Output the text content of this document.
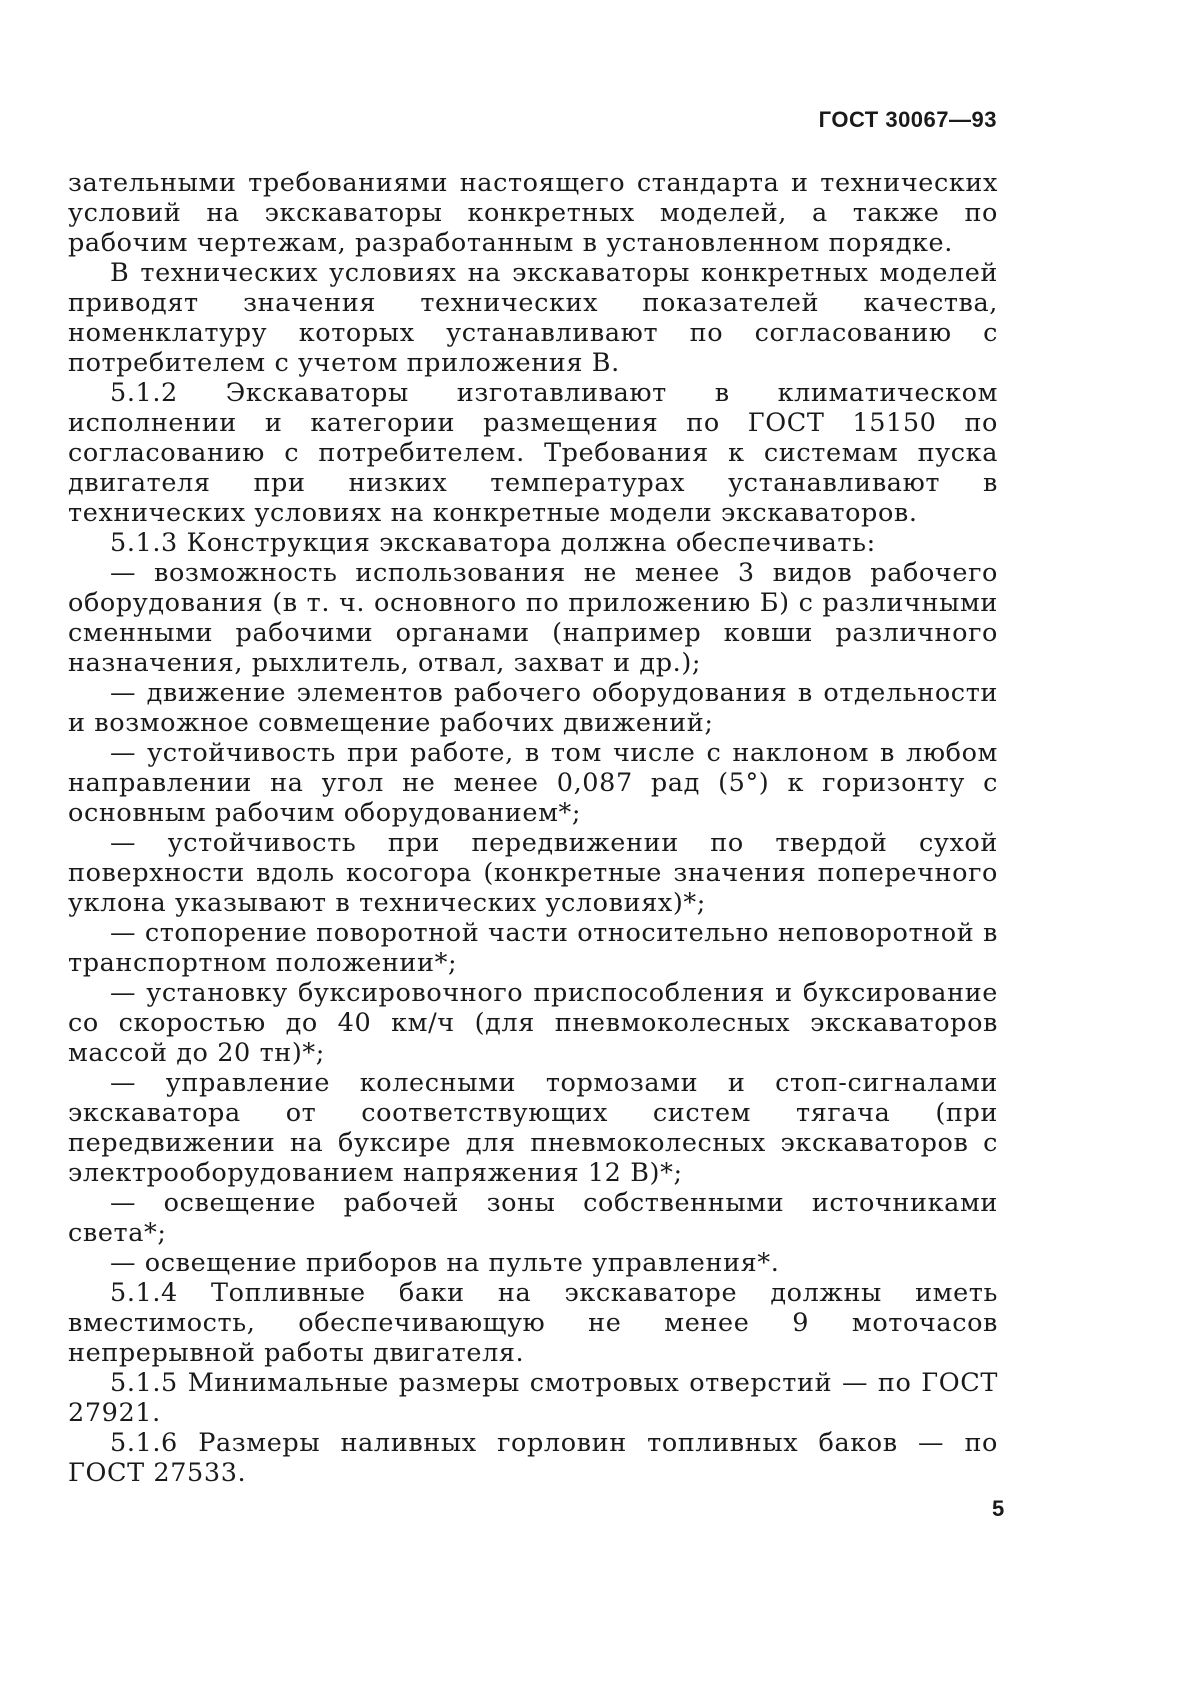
ГОСТ 30067—93

зательными требованиями настоящего стандарта и технических условий на экскаваторы конкретных моделей, а также по рабочим чертежам, разработанным в установленном порядке.

В технических условиях на экскаваторы конкретных моделей приводят значения технических показателей качества, номенклатуру которых устанавливают по согласованию с потребителем с учетом приложения В.

5.1.2 Экскаваторы изготавливают в климатическом исполнении и категории размещения по ГОСТ 15150 по согласованию с потребителем. Требования к системам пуска двигателя при низких температурах устанавливают в технических условиях на конкретные модели экскаваторов.

5.1.3 Конструкция экскаватора должна обеспечивать:

— возможность использования не менее 3 видов рабочего оборудования (в т. ч. основного по приложению Б) с различными сменными рабочими органами (например ковши различного назначения, рыхлитель, отвал, захват и др.);

— движение элементов рабочего оборудования в отдельности и возможное совмещение рабочих движений;

— устойчивость при работе, в том числе с наклоном в любом направлении на угол не менее 0,087 рад (5°) к горизонту с основным рабочим оборудованием*;

— устойчивость при передвижении по твердой сухой поверхности вдоль косогора (конкретные значения поперечного уклона указывают в технических условиях)*;

— стопорение поворотной части относительно неповоротной в транспортном положении*;

— установку буксировочного приспособления и буксирование со скоростью до 40 км/ч (для пневмоколесных экскаваторов массой до 20 тн)*;

— управление колесными тормозами и стоп-сигналами экскаватора от соответствующих систем тягача (при передвижении на буксире для пневмоколесных экскаваторов с электрооборудованием напряжения 12 В)*;

— освещение рабочей зоны собственными источниками света*;

— освещение приборов на пульте управления*.

5.1.4 Топливные баки на экскаваторе должны иметь вместимость, обеспечивающую не менее 9 моточасов непрерывной работы двигателя.

5.1.5 Минимальные размеры смотровых отверстий — по ГОСТ 27921.

5.1.6 Размеры наливных горловин топливных баков — по ГОСТ 27533.

5
